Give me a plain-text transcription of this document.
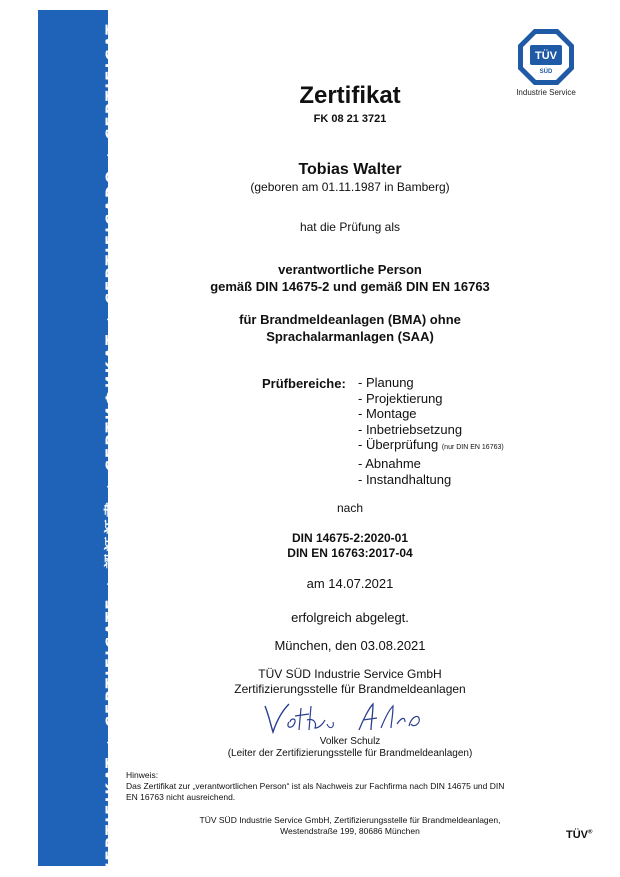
ZERTIFIKAT ◆ CERTIFICATE ◆ 認証証書 ◆ СЕРТИФИКАТ ◆ CERTIFICADO ◆ CERTIFICAT	TÜV
SÜD
Industrie Service
Zertifikat
FK 08 21 3721
Tobias Walter
(geboren am 01.11.1987 in Bamberg)
hat die Prüfung als
verantwortliche Person
gemäß DIN 14675-2 und gemäß DIN EN 16763
für Brandmeldeanlagen (BMA) ohne
Sprachalarmanlagen (SAA)
Prüfbereiche: - Planung
- Projektierung
- Montage
- Inbetriebsetzung
- Überprüfung (nur DIN EN 16763)
- Abnahme
- Instandhaltung
nach
DIN 14675-2:2020-01
DIN EN 16763:2017-04
am 14.07.2021
erfolgreich abgelegt.
München, den 03.08.2021
TÜV SÜD Industrie Service GmbH
Zertifizierungsstelle für Brandmeldeanlagen
Volker Schulz
(Leiter der Zertifizierungsstelle für Brandmeldeanlagen)
Hinweis:
Das Zertifikat zur „verantwortlichen Person“ ist als Nachweis zur Fachfirma nach DIN 14675 und DIN EN 16763 nicht ausreichend.
TÜV SÜD Industrie Service GmbH, Zertifizierungsstelle für Brandmeldeanlagen,
Westendstraße 199, 80686 München	TÜV®
